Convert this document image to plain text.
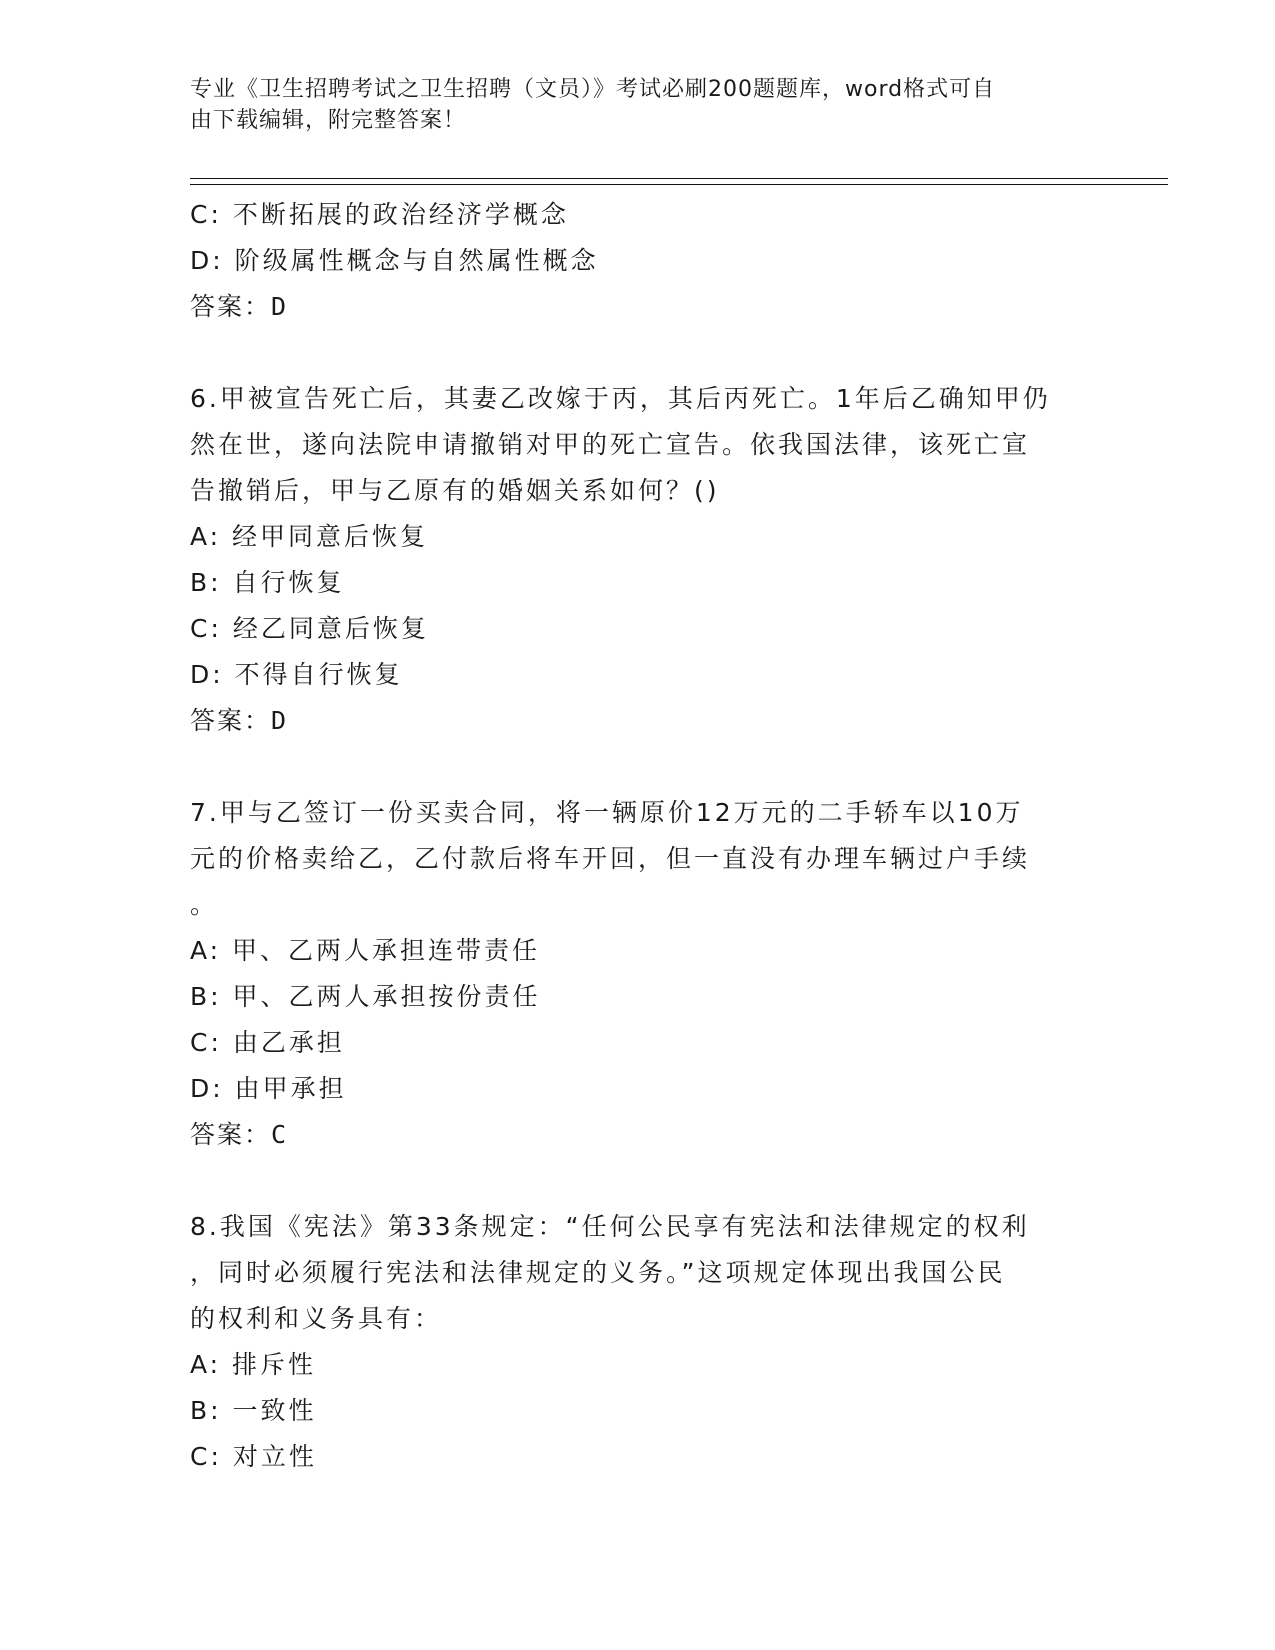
专业《卫生招聘考试之卫生招聘（文员）》考试必刷200题题库，word格式可自
由下载编辑，附完整答案！
C: 不断拓展的政治经济学概念
D: 阶级属性概念与自然属性概念
答案：D
6.甲被宣告死亡后，其妻乙改嫁于丙，其后丙死亡。1年后乙确知甲仍
然在世，遂向法院申请撤销对甲的死亡宣告。依我国法律，该死亡宣
告撤销后，甲与乙原有的婚姻关系如何？()
A: 经甲同意后恢复
B: 自行恢复
C: 经乙同意后恢复
D: 不得自行恢复
答案：D
7.甲与乙签订一份买卖合同，将一辆原价12万元的二手轿车以10万
元的价格卖给乙，乙付款后将车开回，但一直没有办理车辆过户手续
。
A: 甲、乙两人承担连带责任
B: 甲、乙两人承担按份责任
C: 由乙承担
D: 由甲承担
答案：C
8.我国《宪法》第33条规定：“任何公民享有宪法和法律规定的权利
，同时必须履行宪法和法律规定的义务。”这项规定体现出我国公民
的权利和义务具有：
A: 排斥性
B: 一致性
C: 对立性
